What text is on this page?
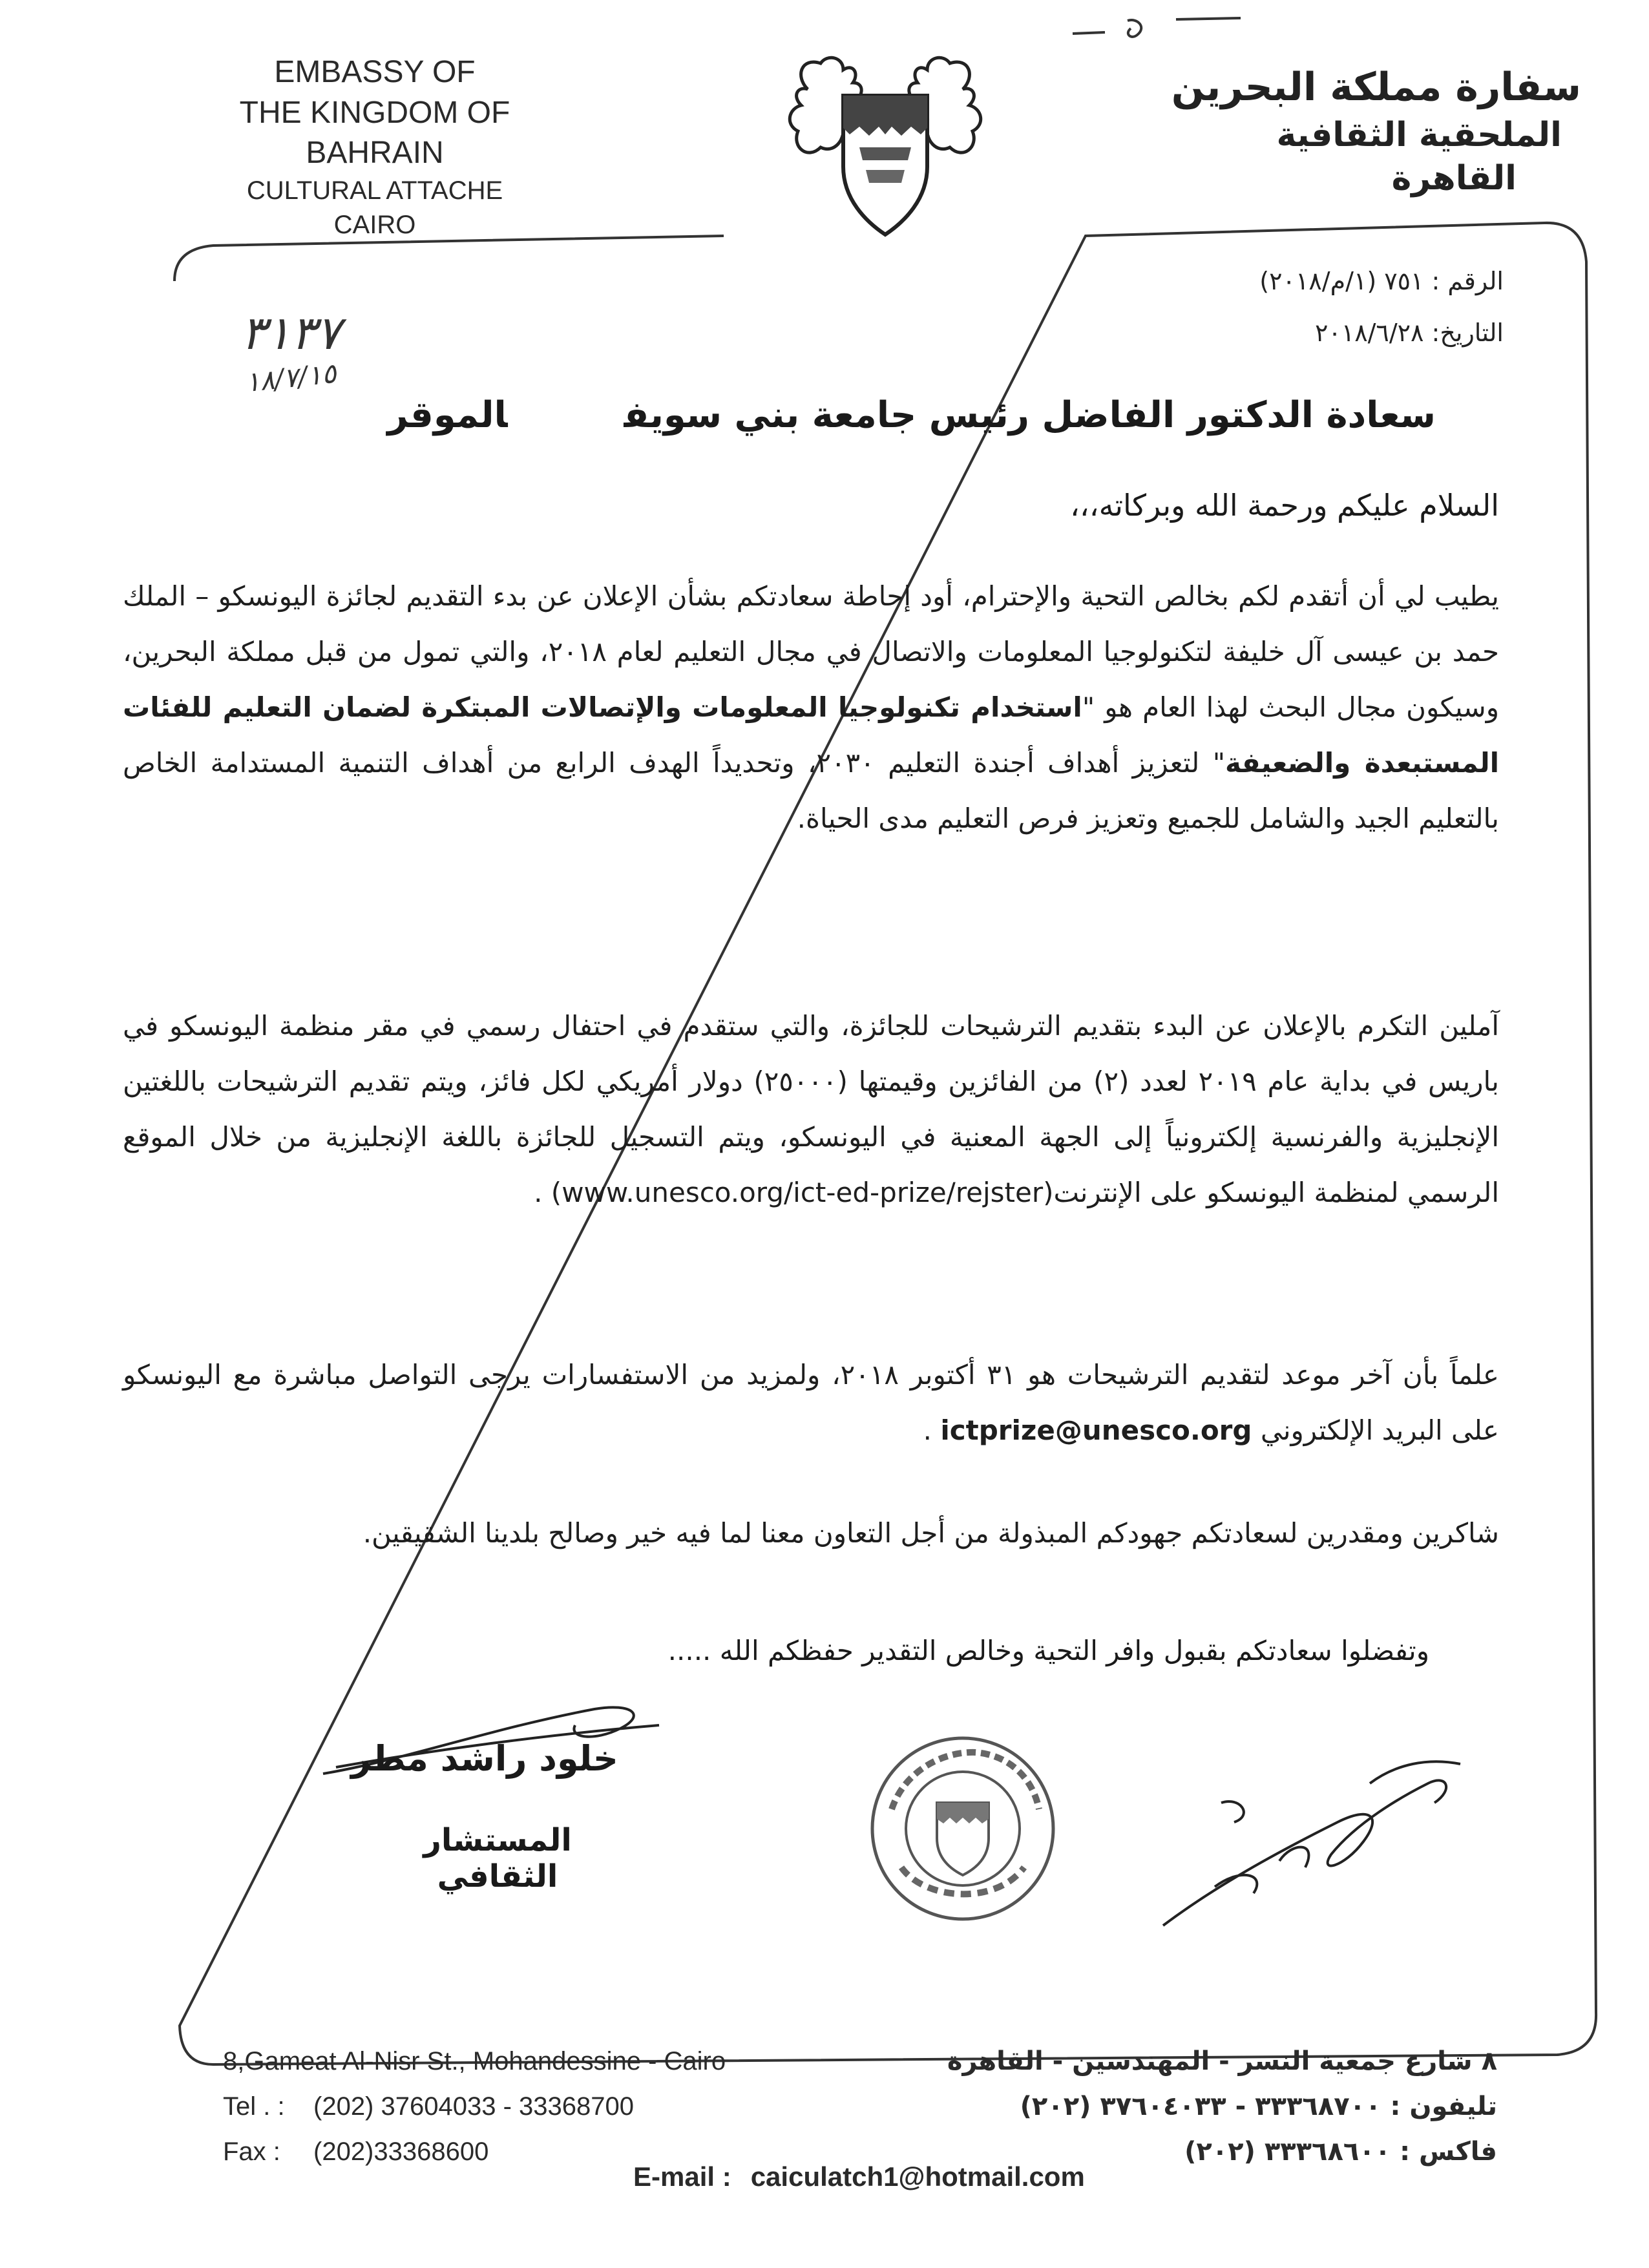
EMBASSY OF
THE KINGDOM OF BAHRAIN
CULTURAL ATTACHE
CAIRO
سفارة مملكة البحرين
الملحقية الثقافية
القاهرة
الرقم : ٧٥١ (١/م/٢٠١٨)
التاريخ: ٢٠١٨/٦/٢٨
٣١٣٧
١٨/٧/١٥
سعادة الدكتور الفاضل رئيس جامعة بني سويفالموقر
السلام عليكم ورحمة الله وبركاته،،،
يطيب لي أن أتقدم لكم بخالص التحية والإحترام، أود إحاطة سعادتكم بشأن الإعلان عن بدء التقديم لجائزة اليونسكو – الملك حمد بن عيسى آل خليفة لتكنولوجيا المعلومات والاتصال في مجال التعليم لعام ٢٠١٨، والتي تمول من قبل مملكة البحرين، وسيكون مجال البحث لهذا العام هو "استخدام تكنولوجيا المعلومات والإتصالات المبتكرة لضمان التعليم للفئات المستبعدة والضعيفة" لتعزيز أهداف أجندة التعليم ٢٠٣٠، وتحديداً الهدف الرابع من أهداف التنمية المستدامة الخاص بالتعليم الجيد والشامل للجميع وتعزيز فرص التعليم مدى الحياة.
آملين التكرم بالإعلان عن البدء بتقديم الترشيحات للجائزة، والتي ستقدم في احتفال رسمي في مقر منظمة اليونسكو في باريس في بداية عام ٢٠١٩ لعدد (٢) من الفائزين وقيمتها (٢٥٠٠٠) دولار أمريكي لكل فائز، ويتم تقديم الترشيحات باللغتين الإنجليزية والفرنسية إلكترونياً إلى الجهة المعنية في اليونسكو، ويتم التسجيل للجائزة باللغة الإنجليزية من خلال الموقع الرسمي لمنظمة اليونسكو على الإنترنت(www.unesco.org/ict-ed-prize/rejster) .
علماً بأن آخر موعد لتقديم الترشيحات هو ٣١ أكتوبر ٢٠١٨، ولمزيد من الاستفسارات يرجى التواصل مباشرة مع اليونسكو على البريد الإلكتروني ictprize@unesco.org .
شاكرين ومقدرين لسعادتكم جهودكم المبذولة من أجل التعاون معنا لما فيه خير وصالح بلدينا الشقيقين.
وتفضلوا سعادتكم بقبول وافر التحية وخالص التقدير حفظكم الله .....
خلود راشد مطر
المستشار الثقافي
8,Gameat Al-Nisr St., Mohandessine - Cairo
Tel . : (202) 37604033 - 33368700
Fax : (202)33368600
٨ شارع جمعية النسر - المهندسين - القاهرة
تليفون : ٣٣٣٦٨٧٠٠ - ٣٧٦٠٤٠٣٣ (٢٠٢)
فاكس : ٣٣٣٦٨٦٠٠ (٢٠٢)
E-mail : caiculatch1@hotmail.com
